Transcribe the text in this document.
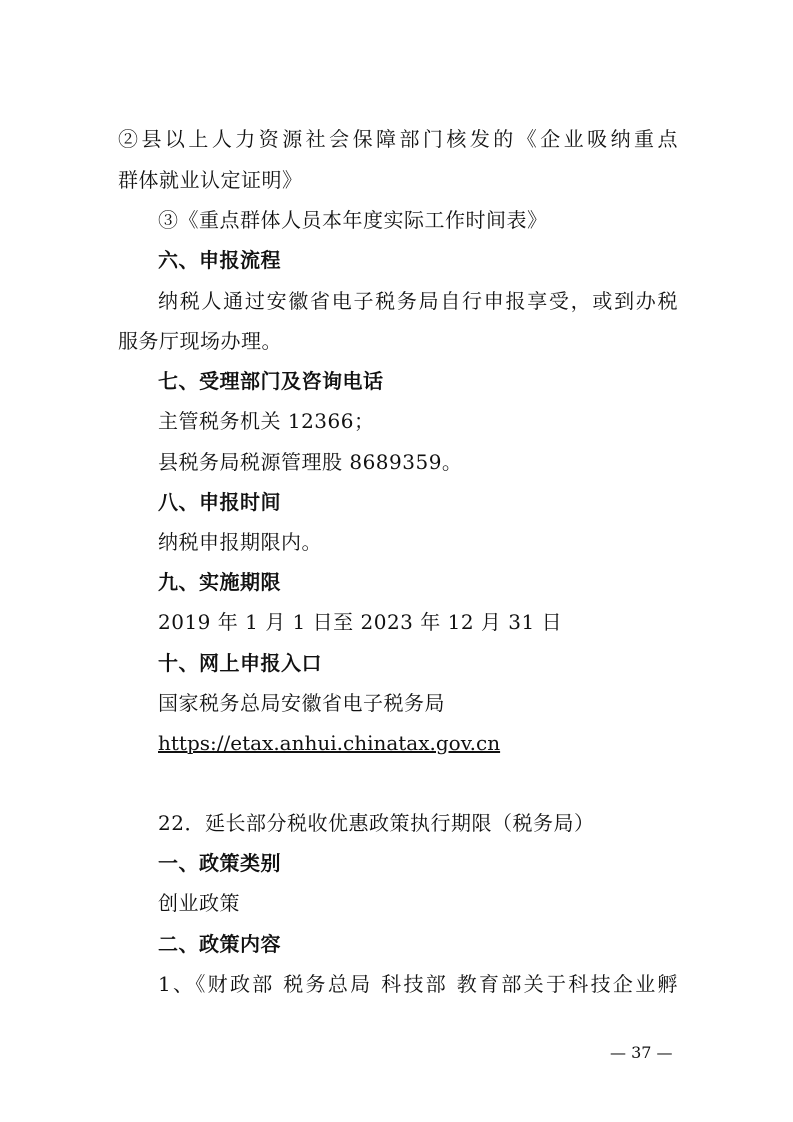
②县以上人力资源社会保障部门核发的《企业吸纳重点
群体就业认定证明》
③《重点群体人员本年度实际工作时间表》
六、申报流程
纳税人通过安徽省电子税务局自行申报享受，或到办税
服务厅现场办理。
七、受理部门及咨询电话
主管税务机关 12366；
县税务局税源管理股 8689359。
八、申报时间
纳税申报期限内。
九、实施期限
2019 年 1 月 1 日至 2023 年 12 月 31 日
十、网上申报入口
国家税务总局安徽省电子税务局
https://etax.anhui.chinatax.gov.cn
22．延长部分税收优惠政策执行期限（税务局）
一、政策类别
创业政策
二、政策内容
1、《财政部 税务总局 科技部 教育部关于科技企业孵
— 37 —
